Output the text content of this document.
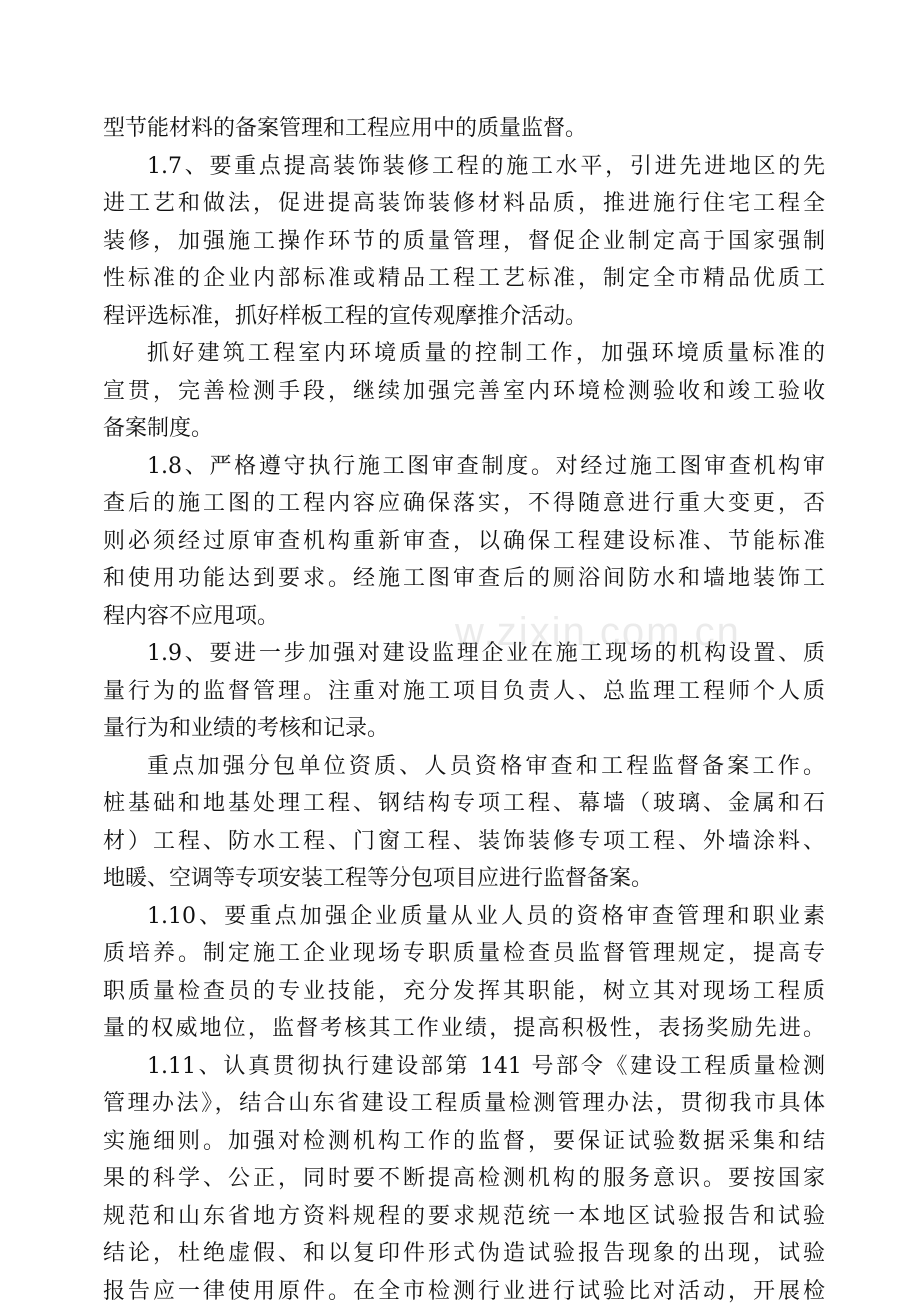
型节能材料的备案管理和工程应用中的质量监督。
1.7、要重点提高装饰装修工程的施工水平，引进先进地区的先
进工艺和做法，促进提高装饰装修材料品质，推进施行住宅工程全
装修，加强施工操作环节的质量管理，督促企业制定高于国家强制
性标准的企业内部标准或精品工程工艺标准，制定全市精品优质工
程评选标准，抓好样板工程的宣传观摩推介活动。
抓好建筑工程室内环境质量的控制工作，加强环境质量标准的
宣贯，完善检测手段，继续加强完善室内环境检测验收和竣工验收
备案制度。
1.8、严格遵守执行施工图审查制度。对经过施工图审查机构审
查后的施工图的工程内容应确保落实，不得随意进行重大变更，否
则必须经过原审查机构重新审查，以确保工程建设标准、节能标准
和使用功能达到要求。经施工图审查后的厕浴间防水和墙地装饰工
程内容不应甩项。
1.9、要进一步加强对建设监理企业在施工现场的机构设置、质
量行为的监督管理。注重对施工项目负责人、总监理工程师个人质
量行为和业绩的考核和记录。
重点加强分包单位资质、人员资格审查和工程监督备案工作。
桩基础和地基处理工程、钢结构专项工程、幕墙（玻璃、金属和石
材）工程、防水工程、门窗工程、装饰装修专项工程、外墙涂料、
地暖、空调等专项安装工程等分包项目应进行监督备案。
1.10、要重点加强企业质量从业人员的资格审查管理和职业素
质培养。制定施工企业现场专职质量检查员监督管理规定，提高专
职质量检查员的专业技能，充分发挥其职能，树立其对现场工程质
量的权威地位，监督考核其工作业绩，提高积极性，表扬奖励先进。
1.11、认真贯彻执行建设部第 141 号部令《建设工程质量检测
管理办法》，结合山东省建设工程质量检测管理办法，贯彻我市具体
实施细则。加强对检测机构工作的监督，要保证试验数据采集和结
果的科学、公正，同时要不断提高检测机构的服务意识。要按国家
规范和山东省地方资料规程的要求规范统一本地区试验报告和试验
结论，杜绝虚假、和以复印件形式伪造试验报告现象的出现，试验
报告应一律使用原件。在全市检测行业进行试验比对活动，开展检
w.zixin.com.cn
